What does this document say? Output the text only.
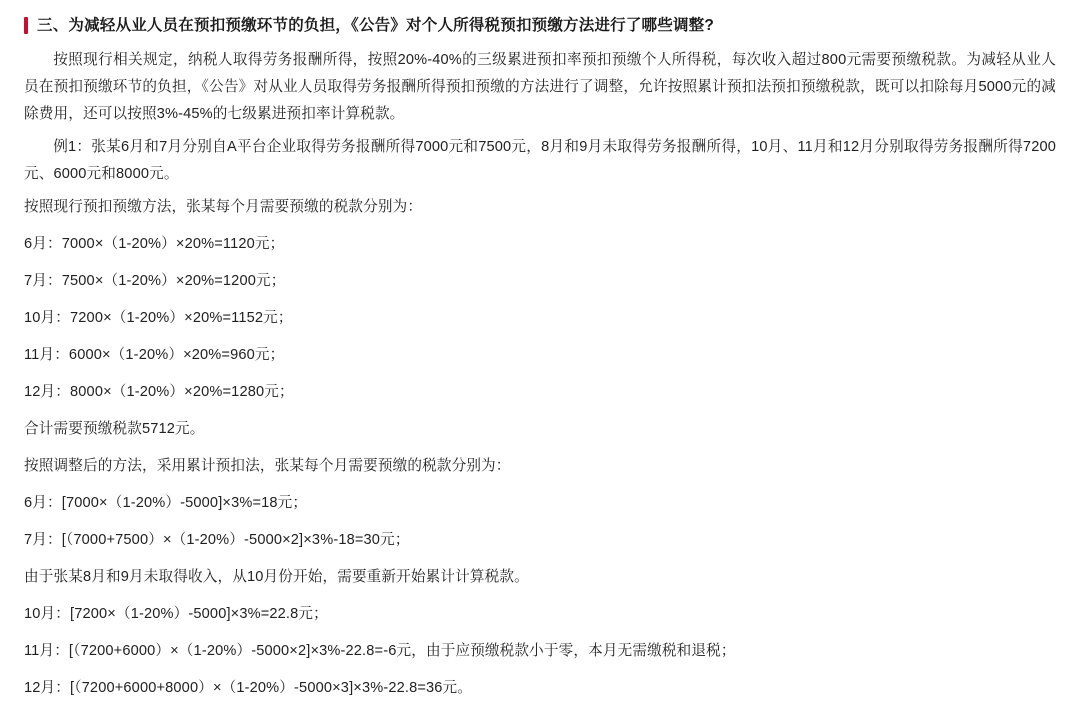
三、为减轻从业人员在预扣预缴环节的负担，《公告》对个人所得税预扣预缴方法进行了哪些调整?

按照现行相关规定，纳税人取得劳务报酬所得，按照20%-40%的三级累进预扣率预扣预缴个人所得税，每次收入超过800元需要预缴税款。为减轻从业人员在预扣预缴环节的负担，《公告》对从业人员取得劳务报酬所得预扣预缴的方法进行了调整，允许按照累计预扣法预扣预缴税款，既可以扣除每月5000元的减除费用，还可以按照3%-45%的七级累进预扣率计算税款。

例1：张某6月和7月分别自A平台企业取得劳务报酬所得7000元和7500元，8月和9月未取得劳务报酬所得，10月、11月和12月分别取得劳务报酬所得7200元、6000元和8000元。

按照现行预扣预缴方法，张某每个月需要预缴的税款分别为：

6月：7000×（1-20%）×20%=1120元；

7月：7500×（1-20%）×20%=1200元；

10月：7200×（1-20%）×20%=1152元；

11月：6000×（1-20%）×20%=960元；

12月：8000×（1-20%）×20%=1280元；

合计需要预缴税款5712元。

按照调整后的方法，采用累计预扣法，张某每个月需要预缴的税款分别为：

6月：[7000×（1-20%）-5000]×3%=18元；

7月：[（7000+7500）×（1-20%）-5000×2]×3%-18=30元；

由于张某8月和9月未取得收入，从10月份开始，需要重新开始累计计算税款。

10月：[7200×（1-20%）-5000]×3%=22.8元；

11月：[（7200+6000）×（1-20%）-5000×2]×3%-22.8=-6元，由于应预缴税款小于零，本月无需缴税和退税；

12月：[（7200+6000+8000）×（1-20%）-5000×3]×3%-22.8=36元。
